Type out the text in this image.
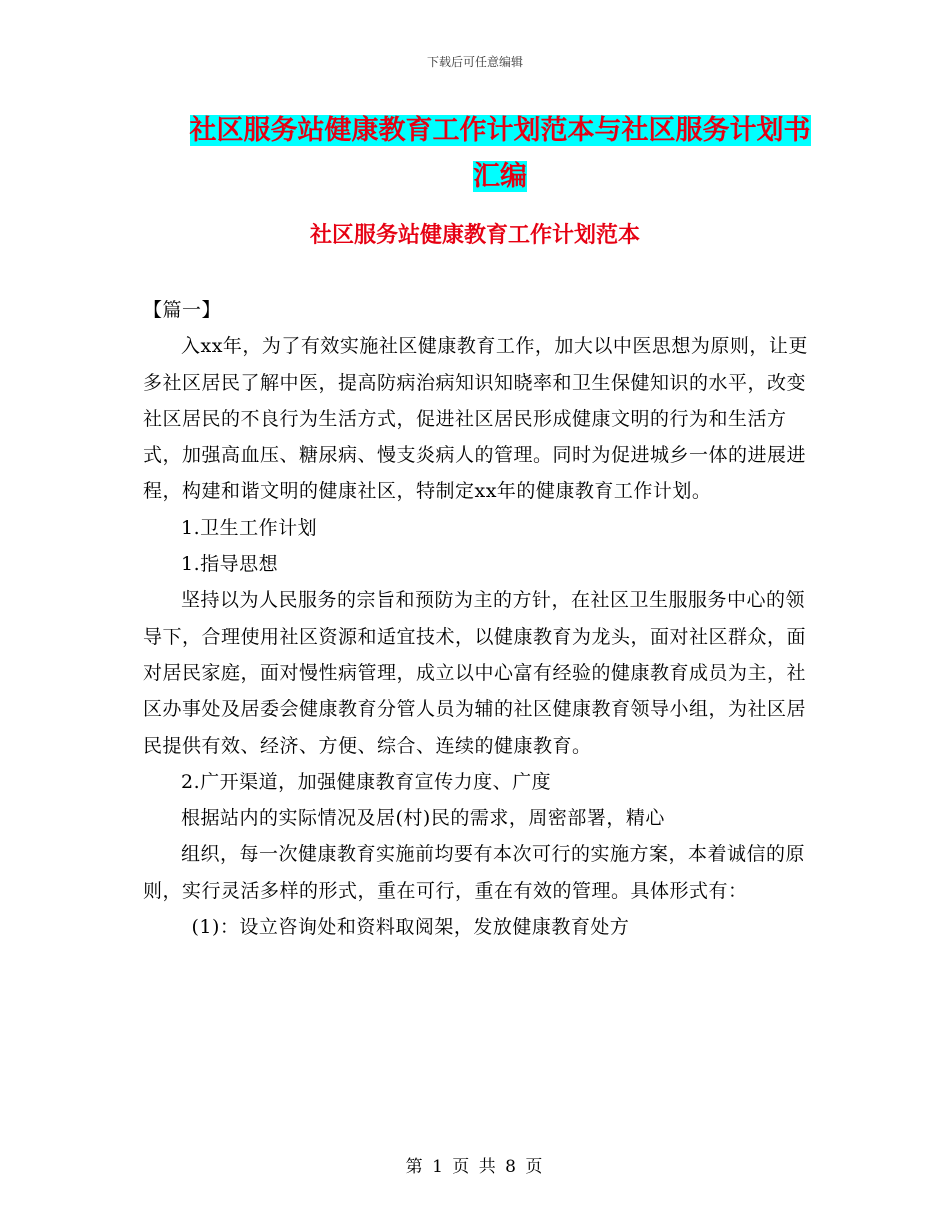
下载后可任意编辑
社区服务站健康教育工作计划范本与社区服务计划书
汇编
社区服务站健康教育工作计划范本

【篇一】

入xx年，为了有效实施社区健康教育工作，加大以中医思想为原则，让更多社区居民了解中医，提高防病治病知识知晓率和卫生保健知识的水平，改变社区居民的不良行为生活方式，促进社区居民形成健康文明的行为和生活方式，加强高血压、糖尿病、慢支炎病人的管理。同时为促进城乡一体的进展进程，构建和谐文明的健康社区，特制定xx年的健康教育工作计划。

1.卫生工作计划

1.指导思想

坚持以为人民服务的宗旨和预防为主的方针，在社区卫生服服务中心的领导下，合理使用社区资源和适宜技术，以健康教育为龙头，面对社区群众，面对居民家庭，面对慢性病管理，成立以中心富有经验的健康教育成员为主，社区办事处及居委会健康教育分管人员为辅的社区健康教育领导小组，为社区居民提供有效、经济、方便、综合、连续的健康教育。

2.广开渠道，加强健康教育宣传力度、广度

根据站内的实际情况及居(村)民的需求，周密部署，精心

组织，每一次健康教育实施前均要有本次可行的实施方案，本着诚信的原则，实行灵活多样的形式，重在可行，重在有效的管理。具体形式有：

(1)：设立咨询处和资料取阅架，发放健康教育处方

第 1 页 共 8 页
